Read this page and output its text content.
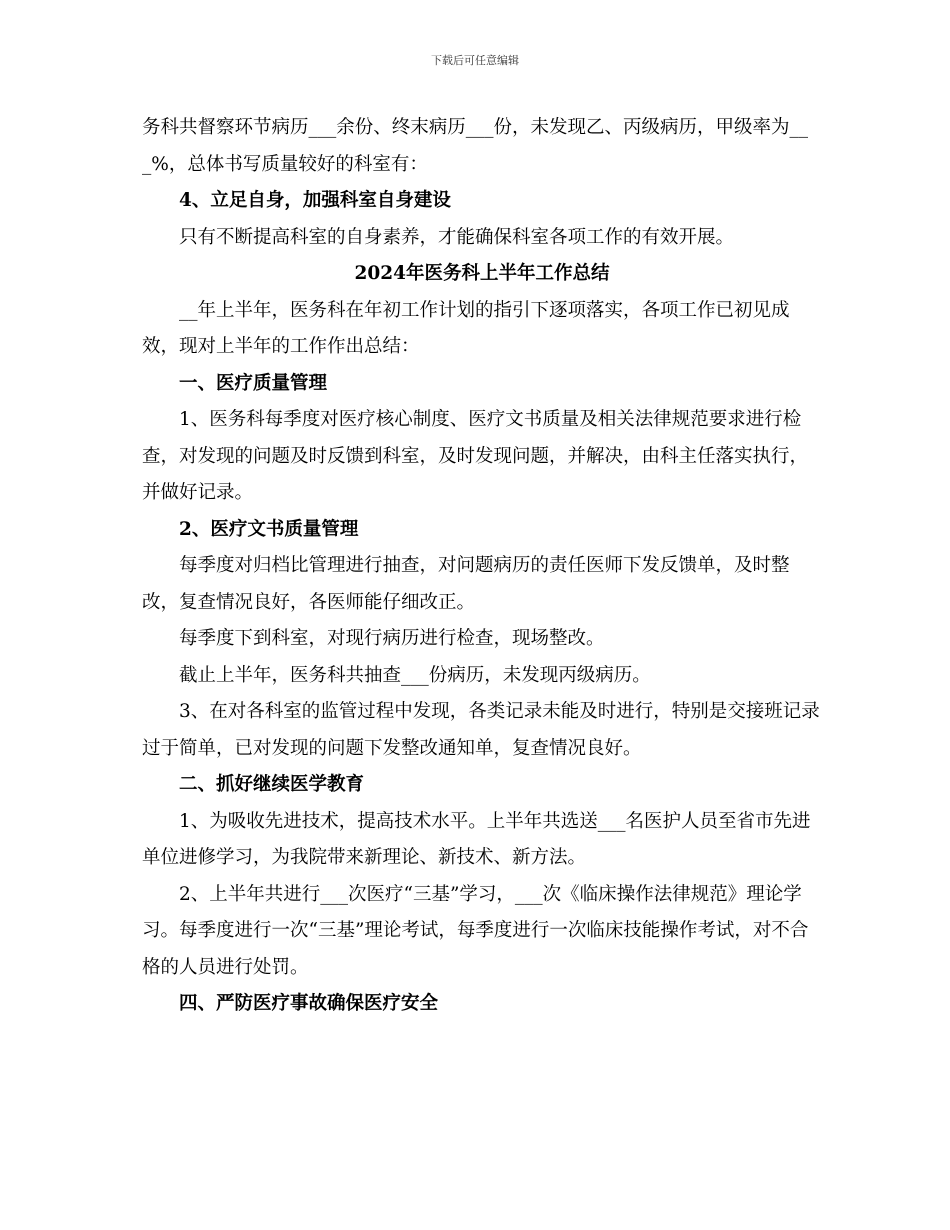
下载后可任意编辑

务科共督察环节病历___余份、终末病历___份，未发现乙、丙级病历，甲级率为___%，总体书写质量较好的科室有：

4、立足自身，加强科室自身建设

只有不断提高科室的自身素养，才能确保科室各项工作的有效开展。

2024年医务科上半年工作总结

__年上半年，医务科在年初工作计划的指引下逐项落实，各项工作已初见成效，现对上半年的工作作出总结：

一、医疗质量管理

1、医务科每季度对医疗核心制度、医疗文书质量及相关法律规范要求进行检查，对发现的问题及时反馈到科室，及时发现问题，并解决，由科主任落实执行，并做好记录。

2、医疗文书质量管理

每季度对归档比管理进行抽查，对问题病历的责任医师下发反馈单，及时整改，复查情况良好，各医师能仔细改正。

每季度下到科室，对现行病历进行检查，现场整改。

截止上半年，医务科共抽查___份病历，未发现丙级病历。

3、在对各科室的监管过程中发现，各类记录未能及时进行，特别是交接班记录过于简单，已对发现的问题下发整改通知单，复查情况良好。

二、抓好继续医学教育

1、为吸收先进技术，提高技术水平。上半年共选送___名医护人员至省市先进单位进修学习，为我院带来新理论、新技术、新方法。

2、上半年共进行___次医疗“三基”学习，___次《临床操作法律规范》理论学习。每季度进行一次“三基”理论考试，每季度进行一次临床技能操作考试，对不合格的人员进行处罚。

四、严防医疗事故确保医疗安全
